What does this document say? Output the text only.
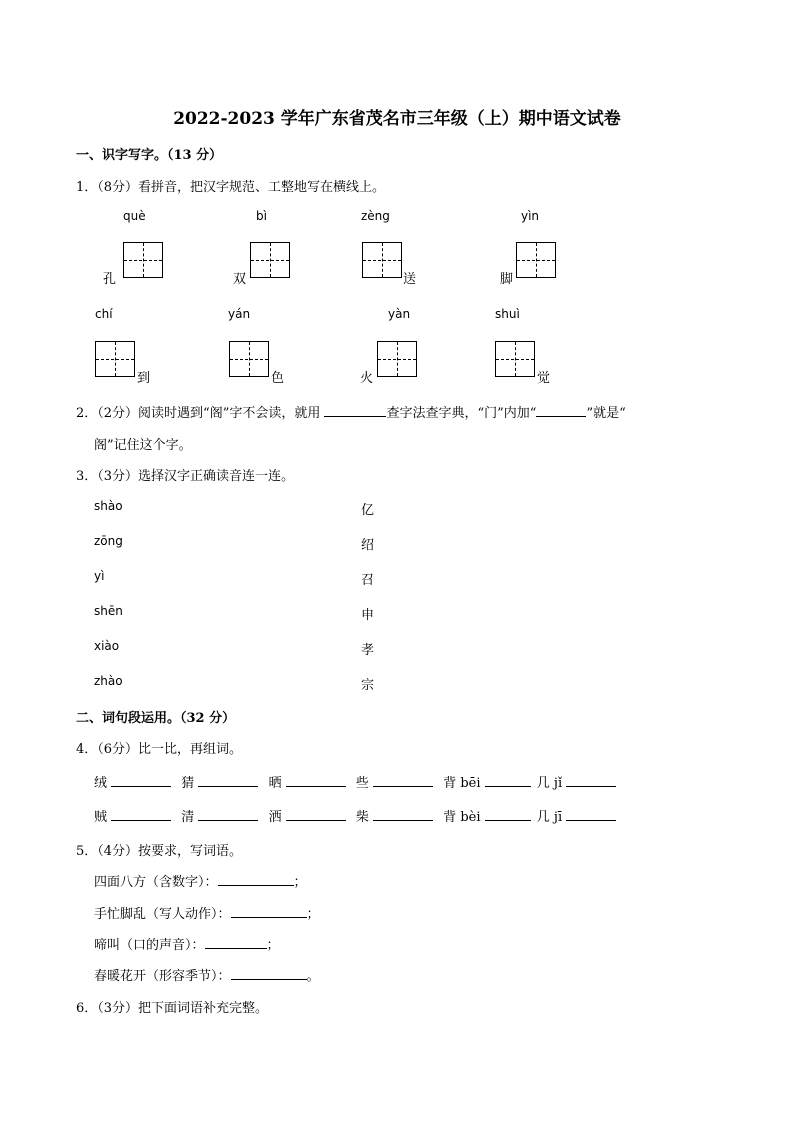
2022-2023 学年广东省茂名市三年级（上）期中语文试卷
一、识字写字。（13 分）
1．（8分）看拼音，把汉字规范、工整地写在横线上。
què	bì	zèng	yìn
孔	双	送	脚
chí	yán	yàn	shuì
到	色	火	觉
2．（2分）阅读时遇到“阁”字不会读，就用	查字法查字典，“门”内加“	”就是“
阁”记住这个字。
3．（3分）选择汉字正确读音连一连。
shào
zōng
yì
shēn
xiào
zhào
亿
绍
召
申
孝
宗
二、词句段运用。（32 分）
4．（6分）比一比，再组词。
绒	猜	晒	些	背 bēi	几 jǐ
贼	清	洒	柴	背 bèi	几 jī
5．（4分）按要求，写词语。
四面八方（含数字）：	；
手忙脚乱（写人动作）：	；
啼叫（口的声音）：	；
春暖花开（形容季节）：	。
6．（3分）把下面词语补充完整。
